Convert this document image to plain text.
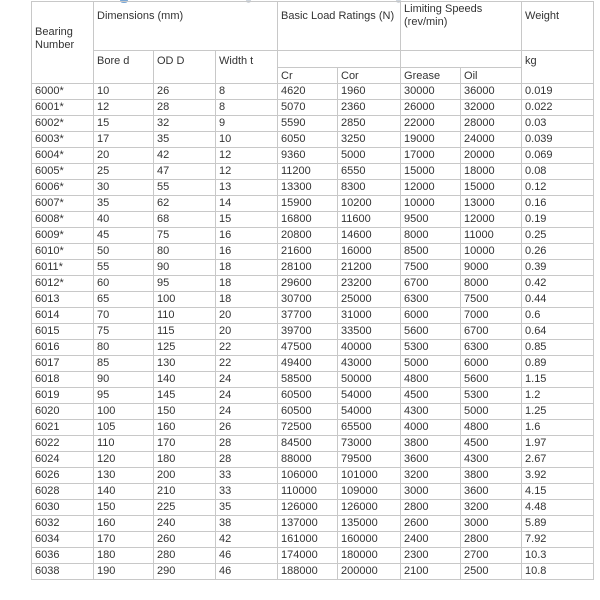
Bearing Number	Dimensions (mm)			Basic Load Ratings (N)		Limiting Speeds (rev/min)		Weight
	Bore d	OD D	Width t					kg
				Cr	Cor	Grease	Oil	
6000*	10	26	8	4620	1960	30000	36000	0.019
6001*	12	28	8	5070	2360	26000	32000	0.022
6002*	15	32	9	5590	2850	22000	28000	0.03
6003*	17	35	10	6050	3250	19000	24000	0.039
6004*	20	42	12	9360	5000	17000	20000	0.069
6005*	25	47	12	11200	6550	15000	18000	0.08
6006*	30	55	13	13300	8300	12000	15000	0.12
6007*	35	62	14	15900	10200	10000	13000	0.16
6008*	40	68	15	16800	11600	9500	12000	0.19
6009*	45	75	16	20800	14600	8000	11000	0.25
6010*	50	80	16	21600	16000	8500	10000	0.26
6011*	55	90	18	28100	21200	7500	9000	0.39
6012*	60	95	18	29600	23200	6700	8000	0.42
6013	65	100	18	30700	25000	6300	7500	0.44
6014	70	110	20	37700	31000	6000	7000	0.6
6015	75	115	20	39700	33500	5600	6700	0.64
6016	80	125	22	47500	40000	5300	6300	0.85
6017	85	130	22	49400	43000	5000	6000	0.89
6018	90	140	24	58500	50000	4800	5600	1.15
6019	95	145	24	60500	54000	4500	5300	1.2
6020	100	150	24	60500	54000	4300	5000	1.25
6021	105	160	26	72500	65500	4000	4800	1.6
6022	110	170	28	84500	73000	3800	4500	1.97
6024	120	180	28	88000	79500	3600	4300	2.67
6026	130	200	33	106000	101000	3200	3800	3.92
6028	140	210	33	110000	109000	3000	3600	4.15
6030	150	225	35	126000	126000	2800	3200	4.48
6032	160	240	38	137000	135000	2600	3000	5.89
6034	170	260	42	161000	160000	2400	2800	7.92
6036	180	280	46	174000	180000	2300	2700	10.3
6038	190	290	46	188000	200000	2100	2500	10.8
